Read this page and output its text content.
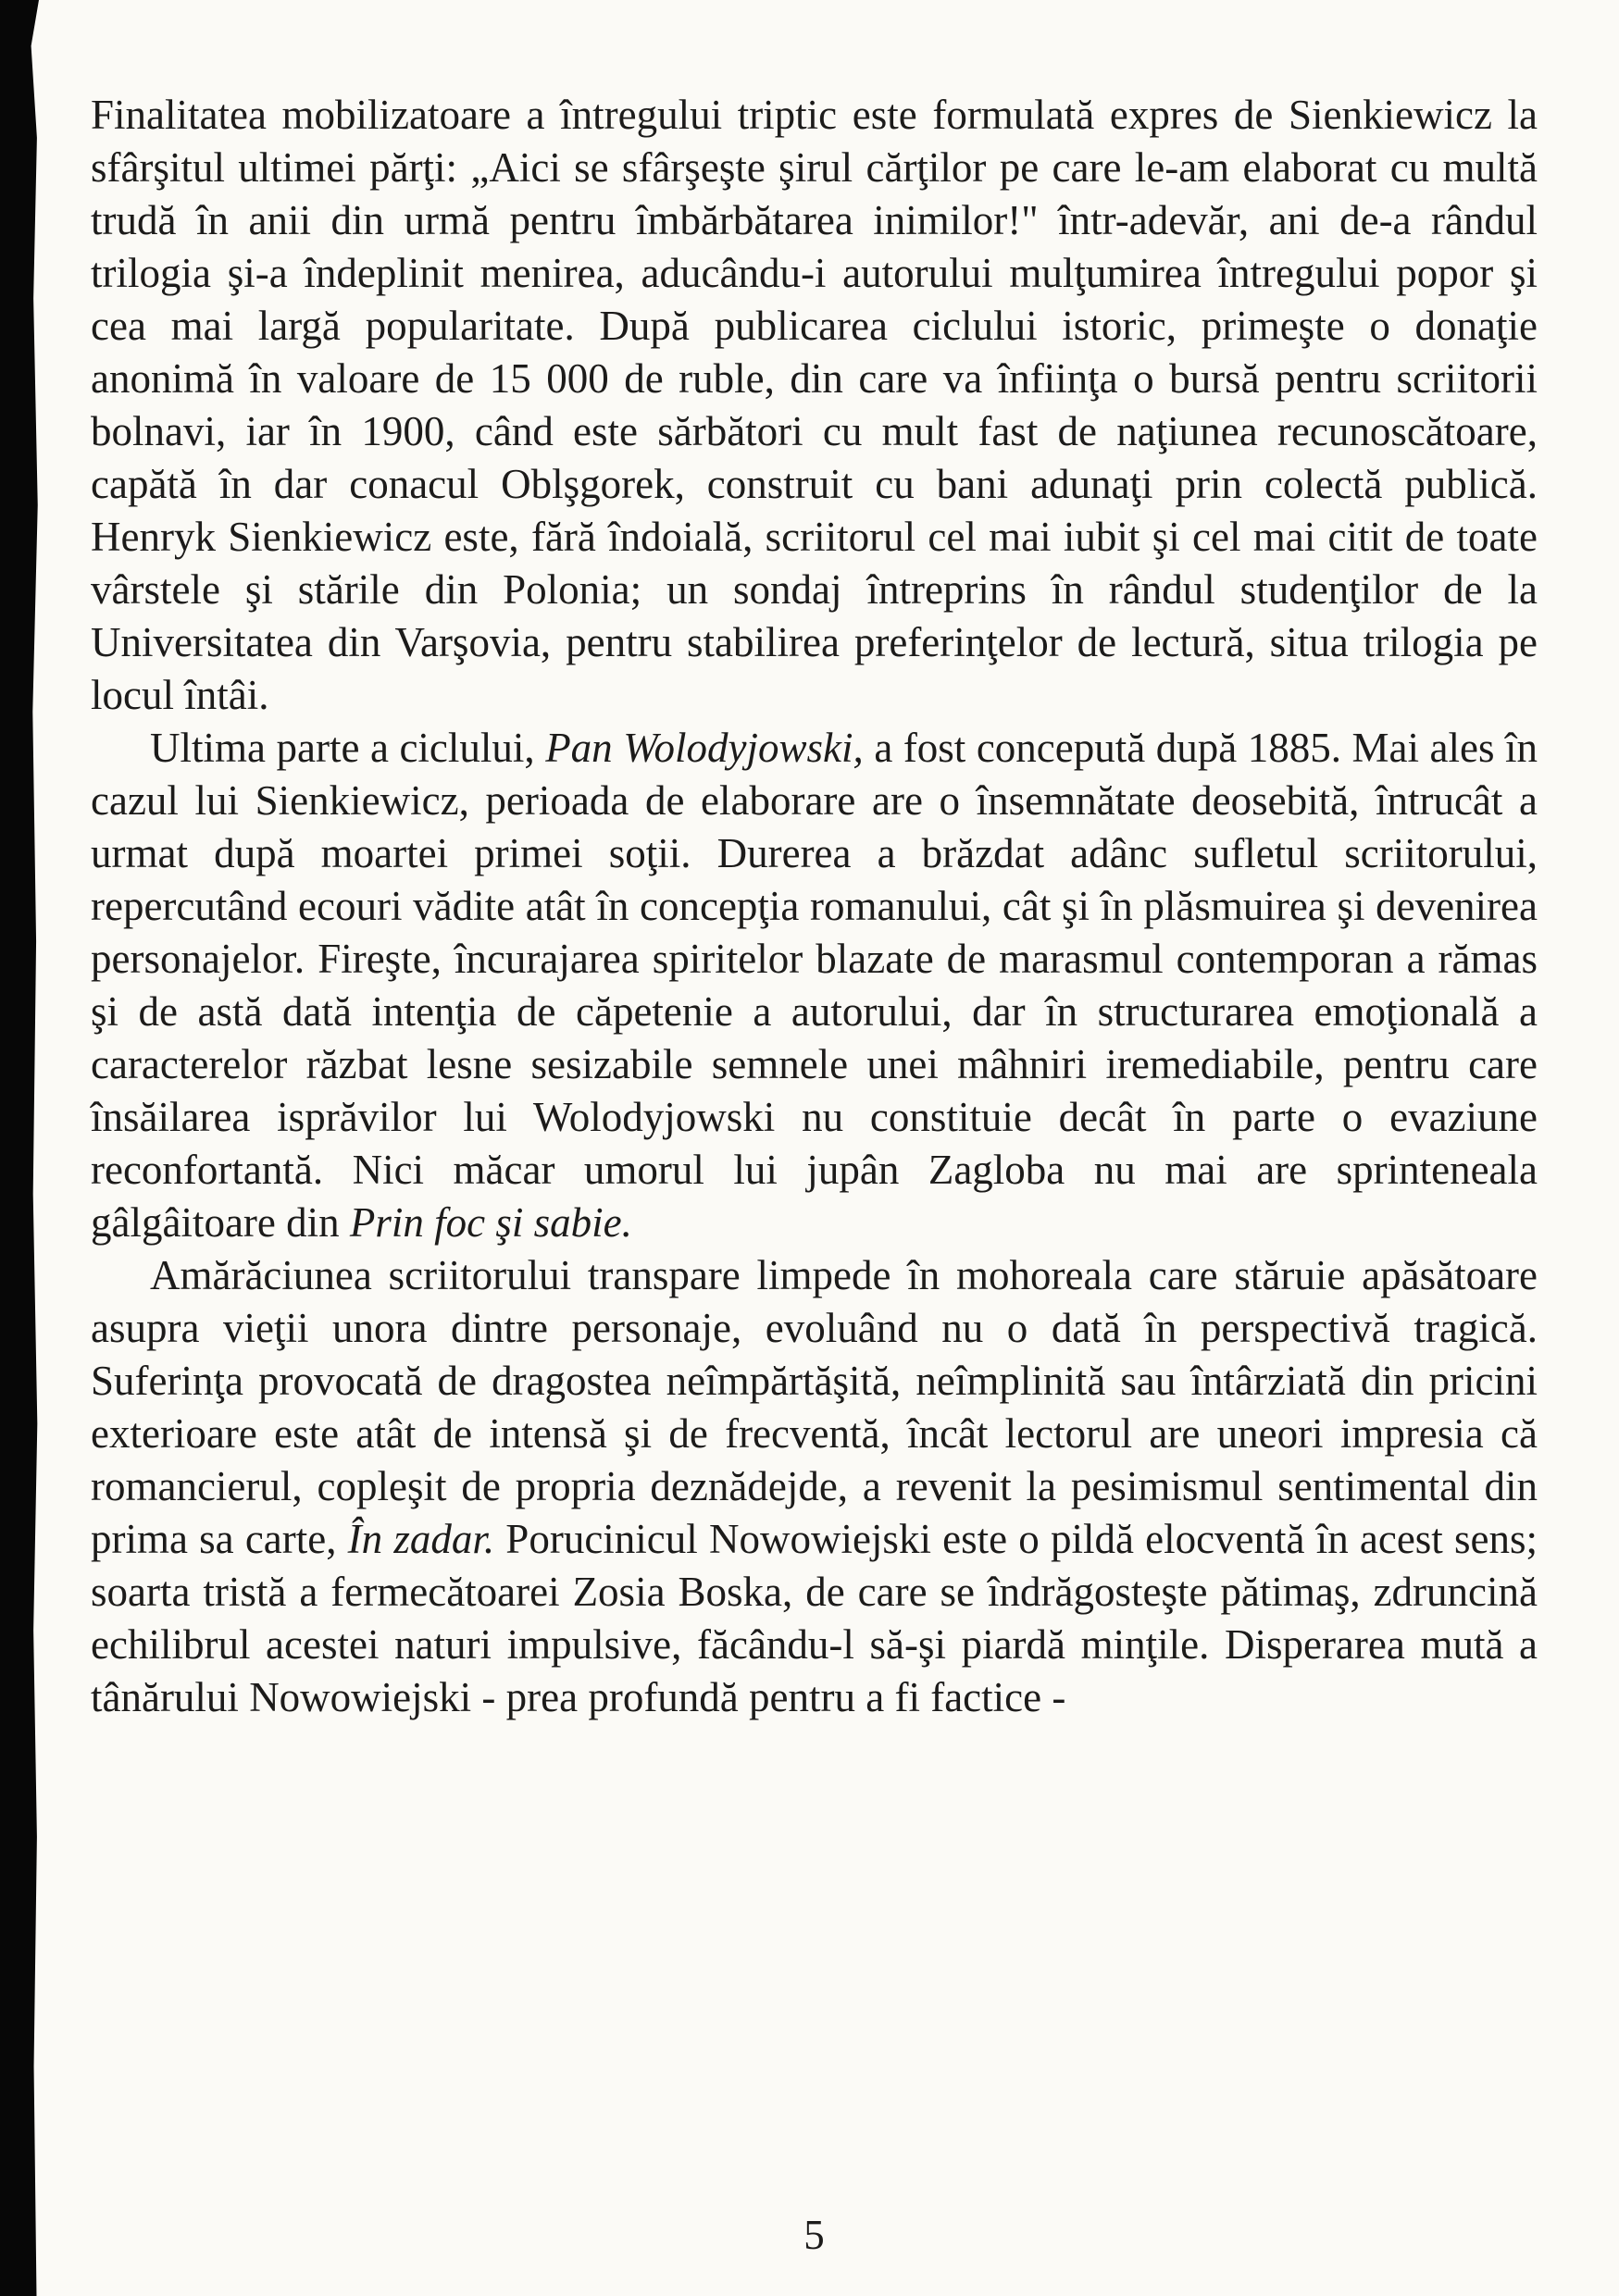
Finalitatea mobilizatoare a întregului triptic este formulată expres de Sienkiewicz la sfârşitul ultimei părţi: „Aici se sfârşeşte şirul cărţilor pe care le-am elaborat cu multă trudă în anii din urmă pentru îmbărbătarea inimilor!" într-adevăr, ani de-a rândul trilogia şi-a îndeplinit menirea, aducându-i autorului mulţumirea întregului popor şi cea mai largă popularitate. După publicarea ciclului istoric, primeşte o donaţie anonimă în valoare de 15 000 de ruble, din care va înfiinţa o bursă pentru scriitorii bolnavi, iar în 1900, când este sărbători cu mult fast de naţiunea recunoscătoare, capătă în dar conacul Oblşgorek, construit cu bani adunaţi prin colectă publică. Henryk Sienkiewicz este, fără îndoială, scriitorul cel mai iubit şi cel mai citit de toate vârstele şi stările din Polonia; un sondaj întreprins în rândul studenţilor de la Universitatea din Varşovia, pentru stabilirea preferinţelor de lectură, situa trilogia pe locul întâi.

Ultima parte a ciclului, Pan Wolodyjowski, a fost concepută după 1885. Mai ales în cazul lui Sienkiewicz, perioada de elaborare are o însemnătate deosebită, întrucât a urmat după moartei primei soţii. Durerea a brăzdat adânc sufletul scriitorului, repercutând ecouri vădite atât în concepţia romanului, cât şi în plăsmuirea şi devenirea personajelor. Fireşte, încurajarea spiritelor blazate de marasmul contemporan a rămas şi de astă dată intenţia de căpetenie a autorului, dar în structurarea emoţională a caracterelor răzbat lesne sesizabile semnele unei mâhniri iremediabile, pentru care însăilarea isprăvilor lui Wolodyjowski nu constituie decât în parte o evaziune reconfortantă. Nici măcar umorul lui jupân Zagloba nu mai are sprinteneala gâlgâitoare din Prin foc şi sabie.

Amărăciunea scriitorului transpare limpede în mohoreala care stăruie apăsătoare asupra vieţii unora dintre personaje, evoluând nu o dată în perspectivă tragică. Suferinţa provocată de dragostea neîmpărtăşită, neîmplinită sau întârziată din pricini exterioare este atât de intensă şi de frecventă, încât lectorul are uneori impresia că romancierul, copleşit de propria deznădejde, a revenit la pesimismul sentimental din prima sa carte, În zadar. Porucinicul Nowowiejski este o pildă elocventă în acest sens; soarta tristă a fermecătoarei Zosia Boska, de care se îndrăgosteşte pătimaş, zdruncină echilibrul acestei naturi impulsive, făcându-l să-şi piardă minţile. Disperarea mută a tânărului Nowowiejski - prea profundă pentru a fi factice -

5
